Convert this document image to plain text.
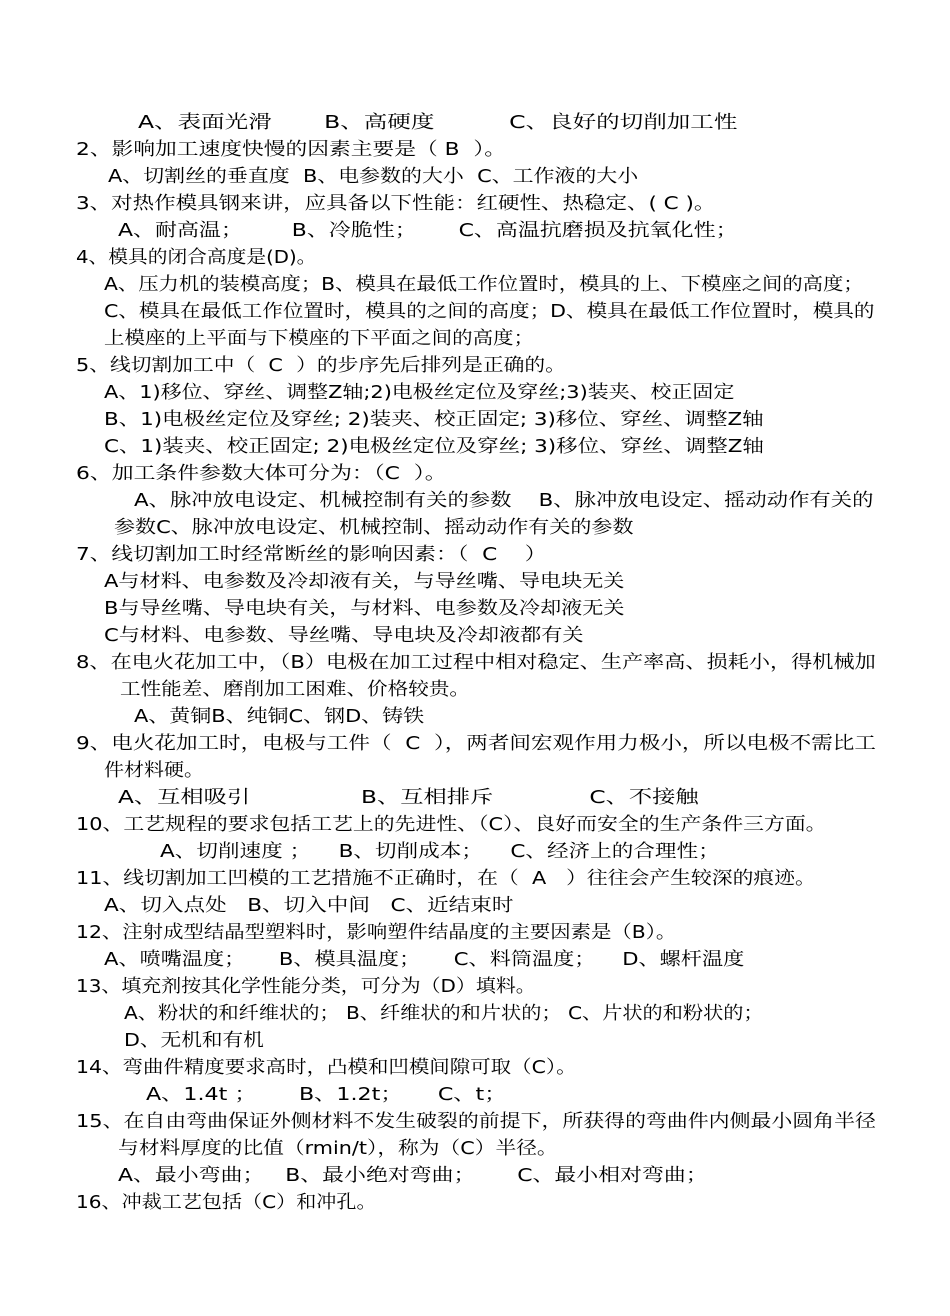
A、表面光滑       B、高硬度          C、良好的切削加工性
2、影响加工速度快慢的因素主要是（ B  ）。
A、切割丝的垂直度  B、电参数的大小  C、工作液的大小
3、对热作模具钢来讲，应具备以下性能：红硬性、热稳定、( C )。
A、耐高温；       B、冷脆性；      C、高温抗磨损及抗氧化性；
4、模具的闭合高度是(D)。
A、压力机的装模高度；B、模具在最低工作位置时，模具的上、下模座之间的高度；
C、模具在最低工作位置时，模具的之间的高度；D、模具在最低工作位置时，模具的
上模座的上平面与下模座的下平面之间的高度；
5、线切割加工中（  C  ）的步序先后排列是正确的。
A、1)移位、穿丝、调整Z轴;2)电极丝定位及穿丝;3)装夹、校正固定
B、1)电极丝定位及穿丝; 2)装夹、校正固定; 3)移位、穿丝、调整Z轴
C、1)装夹、校正固定; 2)电极丝定位及穿丝; 3)移位、穿丝、调整Z轴
6、加工条件参数大体可分为：（C  ）。
A、脉冲放电设定、机械控制有关的参数    B、脉冲放电设定、摇动动作有关的
参数C、脉冲放电设定、机械控制、摇动动作有关的参数
7、线切割加工时经常断丝的影响因素：（  C    ）
A与材料、电参数及冷却液有关，与导丝嘴、导电块无关
B与导丝嘴、导电块有关，与材料、电参数及冷却液无关
C与材料、电参数、导丝嘴、导电块及冷却液都有关
8、在电火花加工中，（B）电极在加工过程中相对稳定、生产率高、损耗小，得机械加
工性能差、磨削加工困难、价格较贵。
A、黄铜B、纯铜C、钢D、铸铁
9、电火花加工时，电极与工件（  C  ），两者间宏观作用力极小，所以电极不需比工
件材料硬。
A、互相吸引               B、互相排斥             C、不接触
10、工艺规程的要求包括工艺上的先进性、（C）、良好而安全的生产条件三方面。
A、切削速度 ；    B、切削成本；    C、经济上的合理性；
11、线切割加工凹模的工艺措施不正确时，在（  A   ）往往会产生较深的痕迹。
A、切入点处   B、切入中间   C、近结束时
12、注射成型结晶型塑料时，影响塑件结晶度的主要因素是（B）。
A、喷嘴温度；     B、模具温度；     C、料筒温度；    D、螺杆温度
13、填充剂按其化学性能分类，可分为（D）填料。
A、粉状的和纤维状的； B、纤维状的和片状的； C、片状的和粉状的；
D、无机和有机
14、弯曲件精度要求高时，凸模和凹模间隙可取（C）。
A、1.4t ；      B、1.2t；     C、t；
15、在自由弯曲保证外侧材料不发生破裂的前提下，所获得的弯曲件内侧最小圆角半径
与材料厚度的比值（rmin/t），称为（C）半径。
A、最小弯曲；   B、最小绝对弯曲；      C、最小相对弯曲；
16、冲裁工艺包括（C）和冲孔。
